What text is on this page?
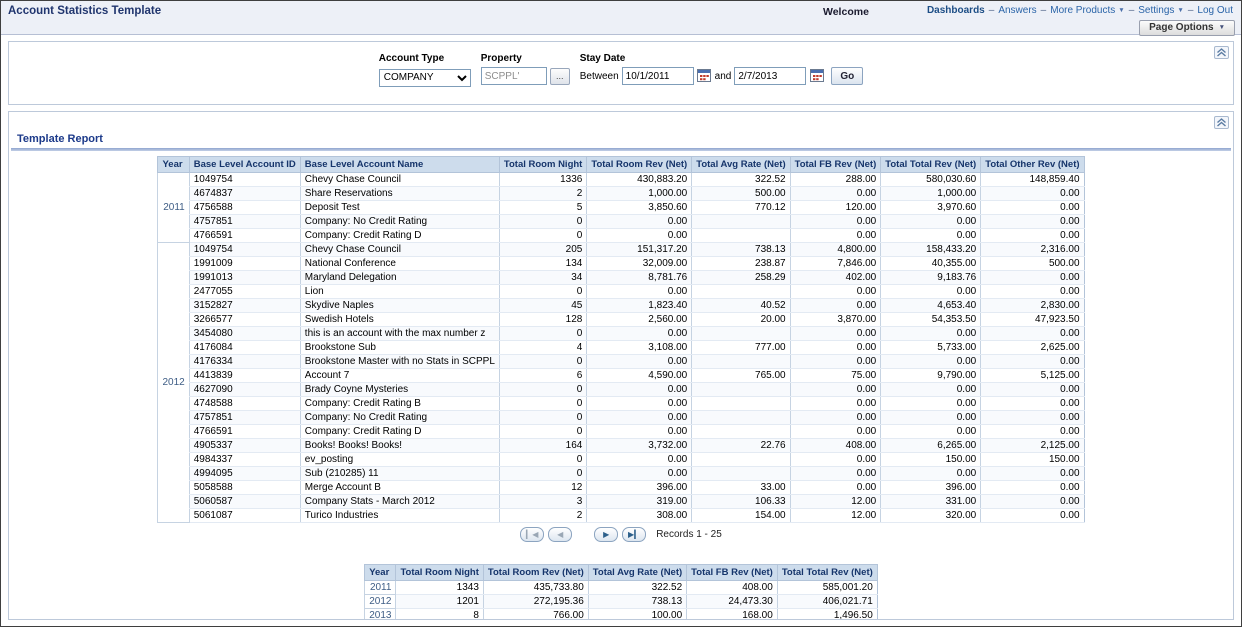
Account Statistics Template	Welcome	Dashboards – Answers – More Products ▼ – Settings ▼ – Log Out
Page Options ▼
Account Type
COMPANY	Property
SCPPL'
...
Stay Date
Between
10/1/2011	and
2/7/2013	Go
Template Report
Year	Base Level Account ID	Base Level Account Name	Total Room Night	Total Room Rev (Net)	Total Avg Rate (Net)	Total FB Rev (Net)	Total Total Rev (Net)	Total Other Rev (Net)
2011	1049754	Chevy Chase Council	1336	430,883.20	322.52	288.00	580,030.60	148,859.40
	4674837	Share Reservations	2	1,000.00	500.00	0.00	1,000.00	0.00
	4756588	Deposit Test	5	3,850.60	770.12	120.00	3,970.60	0.00
	4757851	Company: No Credit Rating	0	0.00		0.00	0.00	0.00
	4766591	Company: Credit Rating D	0	0.00		0.00	0.00	0.00
2012	1049754	Chevy Chase Council	205	151,317.20	738.13	4,800.00	158,433.20	2,316.00
	1991009	National Conference	134	32,009.00	238.87	7,846.00	40,355.00	500.00
	1991013	Maryland Delegation	34	8,781.76	258.29	402.00	9,183.76	0.00
	2477055	Lion	0	0.00		0.00	0.00	0.00
	3152827	Skydive Naples	45	1,823.40	40.52	0.00	4,653.40	2,830.00
	3266577	Swedish Hotels	128	2,560.00	20.00	3,870.00	54,353.50	47,923.50
	3454080	this is an account with the max number z	0	0.00		0.00	0.00	0.00
	4176084	Brookstone Sub	4	3,108.00	777.00	0.00	5,733.00	2,625.00
	4176334	Brookstone Master with no Stats in SCPPL	0	0.00		0.00	0.00	0.00
	4413839	Account 7	6	4,590.00	765.00	75.00	9,790.00	5,125.00
	4627090	Brady Coyne Mysteries	0	0.00		0.00	0.00	0.00
	4748588	Company: Credit Rating B	0	0.00		0.00	0.00	0.00
	4757851	Company: No Credit Rating	0	0.00		0.00	0.00	0.00
	4766591	Company: Credit Rating D	0	0.00		0.00	0.00	0.00
	4905337	Books! Books! Books!	164	3,732.00	22.76	408.00	6,265.00	2,125.00
	4984337	ev_posting	0	0.00		0.00	150.00	150.00
	4994095	Sub (210285) 11	0	0.00		0.00	0.00	0.00
	5058588	Merge Account B	12	396.00	33.00	0.00	396.00	0.00
	5060587	Company Stats - March 2012	3	319.00	106.33	12.00	331.00	0.00
	5061087	Turico Industries	2	308.00	154.00	12.00	320.00	0.00
▎◀	◀	▶	▶▎	Records 1 - 25
Year	Total Room Night	Total Room Rev (Net)	Total Avg Rate (Net)	Total FB Rev (Net)	Total Total Rev (Net)
2011	1343	435,733.80	322.52	408.00	585,001.20
2012	1201	272,195.36	738.13	24,473.30	406,021.71
2013	8	766.00	100.00	168.00	1,496.50
